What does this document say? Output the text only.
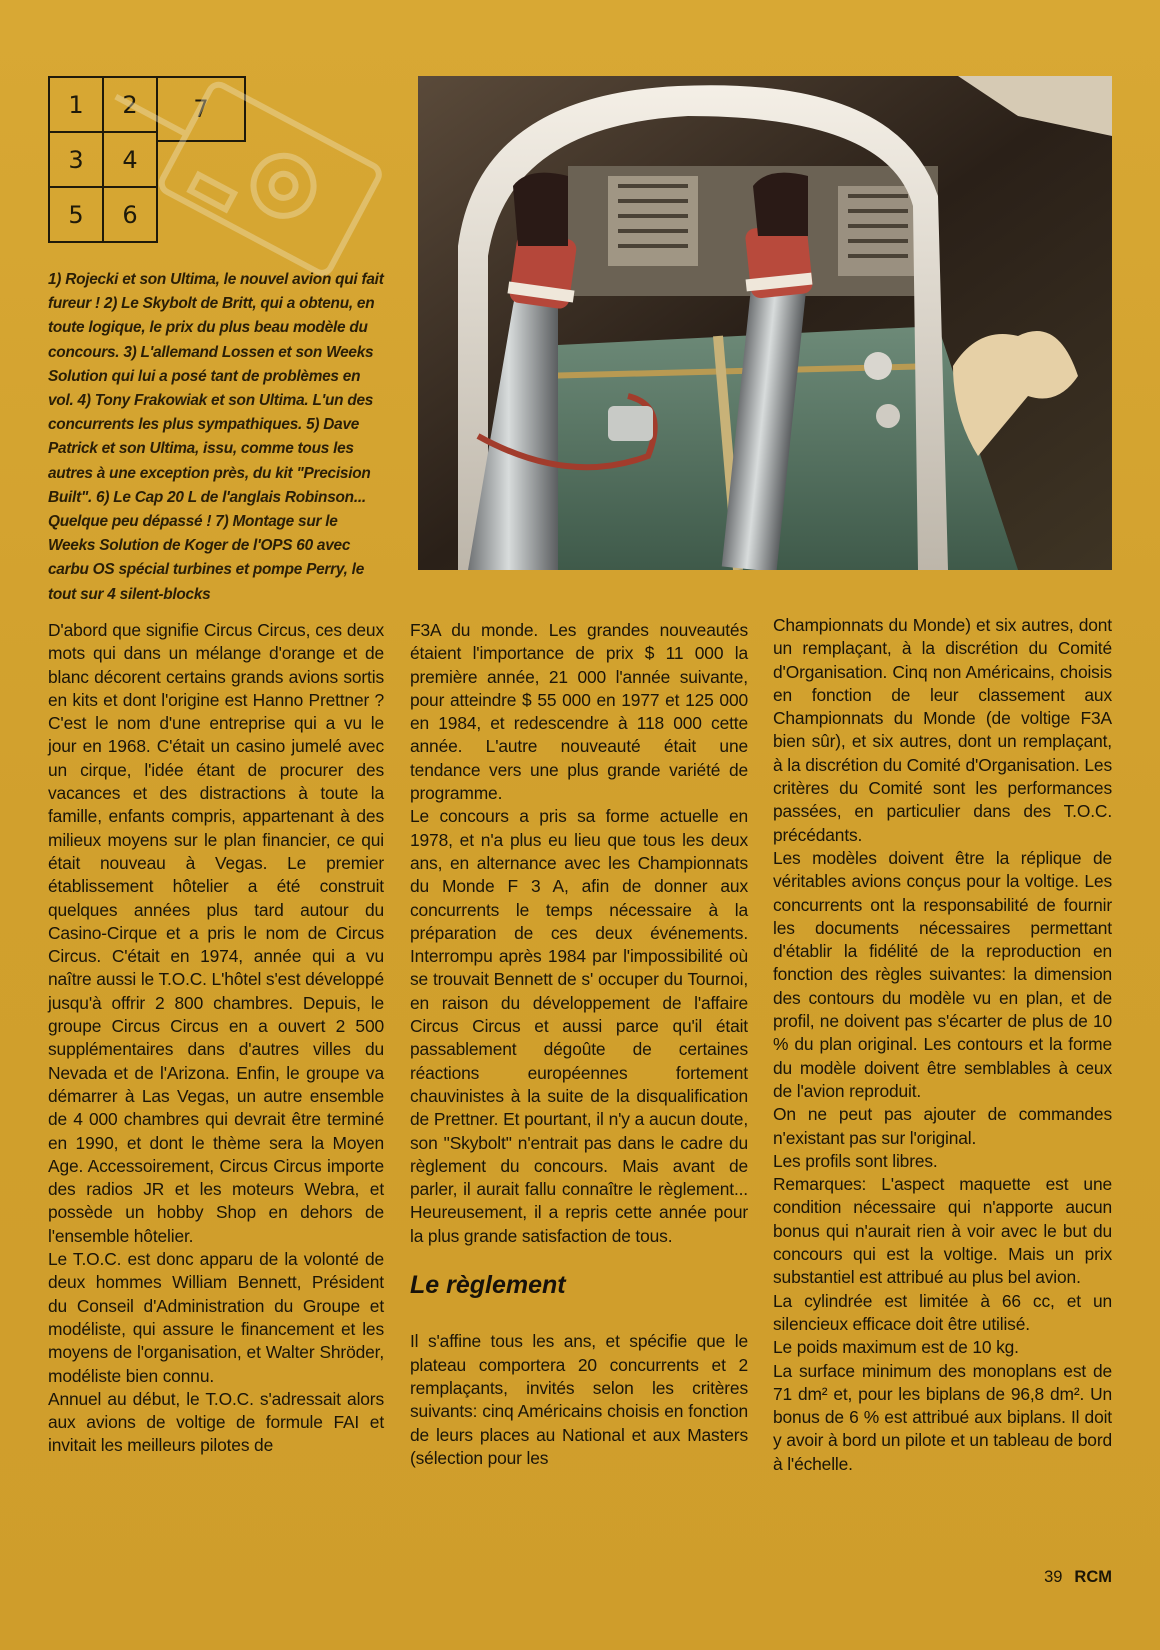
1	2	7
3	4
5	6

1) Rojecki et son Ultima, le nouvel avion qui fait fureur ! 2) Le Skybolt de Britt, qui a obtenu, en toute logique, le prix du plus beau modèle du concours. 3) L'allemand Lossen et son Weeks Solution qui lui a posé tant de problèmes en vol. 4) Tony Frakowiak et son Ultima. L'un des concurrents les plus sympathiques. 5) Dave Patrick et son Ultima, issu, comme tous les autres à une exception près, du kit "Precision Built". 6) Le Cap 20 L de l'anglais Robinson... Quelque peu dépassé ! 7) Montage sur le Weeks Solution de Koger de l'OPS 60 avec carbu OS spécial turbines et pompe Perry, le tout sur 4 silent-blocks

D'abord que signifie Circus Circus, ces deux mots qui dans un mélange d'orange et de blanc décorent certains grands avions sortis en kits et dont l'origine est Hanno Prettner ? C'est le nom d'une entreprise qui a vu le jour en 1968. C'était un casino jumelé avec un cirque, l'idée étant de procurer des vacances et des distractions à toute la famille, enfants compris, appartenant à des milieux moyens sur le plan financier, ce qui était nouveau à Vegas. Le premier établissement hôtelier a été construit quelques années plus tard autour du Casino-Cirque et a pris le nom de Circus Circus. C'était en 1974, année qui a vu naître aussi le T.O.C. L'hôtel s'est développé jusqu'à offrir 2 800 chambres. Depuis, le groupe Circus Circus en a ouvert 2 500 supplémentaires dans d'autres villes du Nevada et de l'Arizona. Enfin, le groupe va démarrer à Las Vegas, un autre ensemble de 4 000 chambres qui devrait être terminé en 1990, et dont le thème sera la Moyen Age. Accessoirement, Circus Circus importe des radios JR et les moteurs Webra, et possède un hobby Shop en dehors de l'ensemble hôtelier.

Le T.O.C. est donc apparu de la volonté de deux hommes William Bennett, Président du Conseil d'Administration du Groupe et modéliste, qui assure le financement et les moyens de l'organisation, et Walter Shröder, modéliste bien connu.

Annuel au début, le T.O.C. s'adressait alors aux avions de voltige de formule FAI et invitait les meilleurs pilotes de

F3A du monde. Les grandes nouveautés étaient l'importance de prix $ 11 000 la première année, 21 000 l'année suivante, pour atteindre $ 55 000 en 1977 et 125 000 en 1984, et redescendre à 118 000 cette année. L'autre nouveauté était une tendance vers une plus grande variété de programme.

Le concours a pris sa forme actuelle en 1978, et n'a plus eu lieu que tous les deux ans, en alternance avec les Championnats du Monde F 3 A, afin de donner aux concurrents le temps nécessaire à la préparation de ces deux événements. Interrompu après 1984 par l'impossibilité où se trouvait Bennett de s' occuper du Tournoi, en raison du développement de l'affaire Circus Circus et aussi parce qu'il était passablement dégoûte de certaines réactions européennes fortement chauvinistes à la suite de la disqualification de Prettner. Et pourtant, il n'y a aucun doute, son "Skybolt" n'entrait pas dans le cadre du règlement du concours. Mais avant de parler, il aurait fallu connaître le règlement... Heureusement, il a repris cette année pour la plus grande satisfaction de tous.

Le règlement

Il s'affine tous les ans, et spécifie que le plateau comportera 20 concurrents et 2 remplaçants, invités selon les critères suivants: cinq Américains choisis en fonction de leurs places au National et aux Masters (sélection pour les

Championnats du Monde) et six autres, dont un remplaçant, à la discrétion du Comité d'Organisation. Cinq non Américains, choisis en fonction de leur classement aux Championnats du Monde (de voltige F3A bien sûr), et six autres, dont un remplaçant, à la discrétion du Comité d'Organisation. Les critères du Comité sont les performances passées, en particulier dans des T.O.C. précédants.

Les modèles doivent être la réplique de véritables avions conçus pour la voltige. Les concurrents ont la responsabilité de fournir les documents nécessaires permettant d'établir la fidélité de la reproduction en fonction des règles suivantes: la dimension des contours du modèle vu en plan, et de profil, ne doivent pas s'écarter de plus de 10 % du plan original. Les contours et la forme du modèle doivent être semblables à ceux de l'avion reproduit.

On ne peut pas ajouter de commandes n'existant pas sur l'original.

Les profils sont libres.

Remarques: L'aspect maquette est une condition nécessaire qui n'apporte aucun bonus qui n'aurait rien à voir avec le but du concours qui est la voltige. Mais un prix substantiel est attribué au plus bel avion.

La cylindrée est limitée à 66 cc, et un silencieux efficace doit être utilisé.

Le poids maximum est de 10 kg.

La surface minimum des monoplans est de 71 dm² et, pour les biplans de 96,8 dm². Un bonus de 6 % est attribué aux biplans. Il doit y avoir à bord un pilote et un tableau de bord à l'échelle.

39 RCM
